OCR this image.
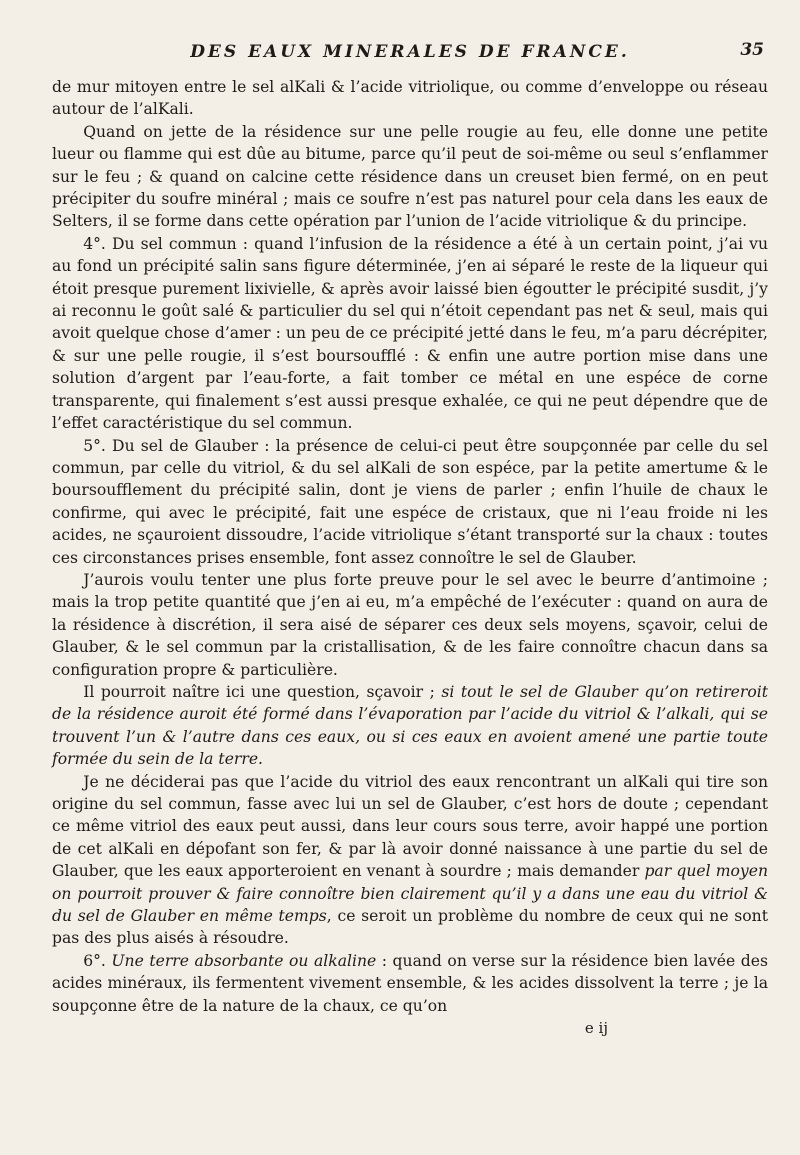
DES EAUX MINERALES DE FRANCE.	35

de mur mitoyen entre le sel alKali & l’acide vitriolique, ou comme d’enveloppe ou réseau autour de l’alKali.

Quand on jette de la résidence sur une pelle rougie au feu, elle donne une petite lueur ou flamme qui est dûe au bitume, parce qu’il peut de soi-même ou seul s’enflammer sur le feu ; & quand on calcine cette résidence dans un creuset bien fermé, on en peut précipiter du soufre minéral ; mais ce soufre n’est pas naturel pour cela dans les eaux de Selters, il se forme dans cette opération par l’union de l’acide vitriolique & du principe.

4°. Du sel commun : quand l’infusion de la résidence a été à un certain point, j’ai vu au fond un précipité salin sans figure déterminée, j’en ai séparé le reste de la liqueur qui étoit presque purement lixivielle, & après avoir laissé bien égoutter le précipité susdit, j’y ai reconnu le goût salé & particulier du sel qui n’étoit cependant pas net & seul, mais qui avoit quelque chose d’amer : un peu de ce précipité jetté dans le feu, m’a paru décrépiter, & sur une pelle rougie, il s’est boursoufflé : & enfin une autre portion mise dans une solution d’argent par l’eau-forte, a fait tomber ce métal en une espéce de corne transparente, qui finalement s’est aussi presque exhalée, ce qui ne peut dépendre que de l’effet caractéristique du sel commun.

5°. Du sel de Glauber : la présence de celui-ci peut être soupçonnée par celle du sel commun, par celle du vitriol, & du sel alKali de son espéce, par la petite amertume & le boursoufflement du précipité salin, dont je viens de parler ; enfin l’huile de chaux le confirme, qui avec le précipité, fait une espéce de cristaux, que ni l’eau froide ni les acides, ne sçauroient dissoudre, l’acide vitriolique s’étant transporté sur la chaux : toutes ces circonstances prises ensemble, font assez connoître le sel de Glauber.

J’aurois voulu tenter une plus forte preuve pour le sel avec le beurre d’antimoine ; mais la trop petite quantité que j’en ai eu, m’a empêché de l’exécuter : quand on aura de la résidence à discrétion, il sera aisé de séparer ces deux sels moyens, sçavoir, celui de Glauber, & le sel commun par la cristallisation, & de les faire connoître chacun dans sa configuration propre & particulière.

Il pourroit naître ici une question, sçavoir ; si tout le sel de Glauber qu’on retireroit de la résidence auroit été formé dans l’évaporation par l’acide du vitriol & l’alkali, qui se trouvent l’un & l’autre dans ces eaux, ou si ces eaux en avoient amené une partie toute formée du sein de la terre.

Je ne déciderai pas que l’acide du vitriol des eaux rencontrant un alKali qui tire son origine du sel commun, fasse avec lui un sel de Glauber, c’est hors de doute ; cependant ce même vitriol des eaux peut aussi, dans leur cours sous terre, avoir happé une portion de cet alKali en dépofant son fer, & par là avoir donné naissance à une partie du sel de Glauber, que les eaux apporteroient en venant à sourdre ; mais demander par quel moyen on pourroit prouver & faire connoître bien clairement qu’il y a dans une eau du vitriol & du sel de Glauber en même temps, ce seroit un problème du nombre de ceux qui ne sont pas des plus aisés à résoudre.

6°. Une terre absorbante ou alkaline : quand on verse sur la résidence bien lavée des acides minéraux, ils fermentent vivement ensemble, & les acides dissolvent la terre ; je la soupçonne être de la nature de la chaux, ce qu’on

e ij
